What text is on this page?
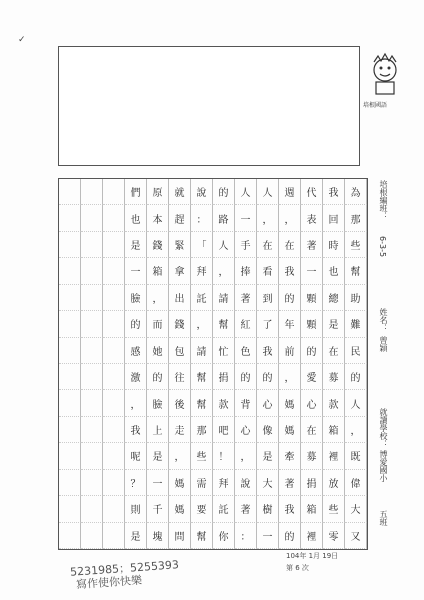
✓
培根國語
為
那
些
幫
助
難
民
的
人
，
既
偉
大
又
我
回
時
也
總
是
在
募
款
箱
裡
放
些
零
代
表
著
一
顆
顆
的
愛
心
在
募
捐
箱
裡
週
，
在
我
的
年
前
，
媽
媽
牽
著
我
的
人
，
在
看
到
了
我
的
心
像
是
大
樹
一
人
一
手
捧
著
紅
色
的
背
心
，
說
著
：
的
路
人
，
請
幫
忙
捐
款
吧
！
拜
託
你
說
：
「
拜
託
，
請
幫
幫
那
些
需
要
幫
就
趕
緊
拿
出
錢
包
往
後
走
，
媽
媽
問
原
本
錢
箱
，
而
她
的
臉
上
是
一
千
塊
們
也
是
一
臉
的
感
激
，
我
呢
？
則
是
培根編班：
6-3-5
姓名：
曾穎
就讀學校：
博愛國小
五班
104年 1月 19日
第 6 次
5231985；5255393
寫作使你快樂
